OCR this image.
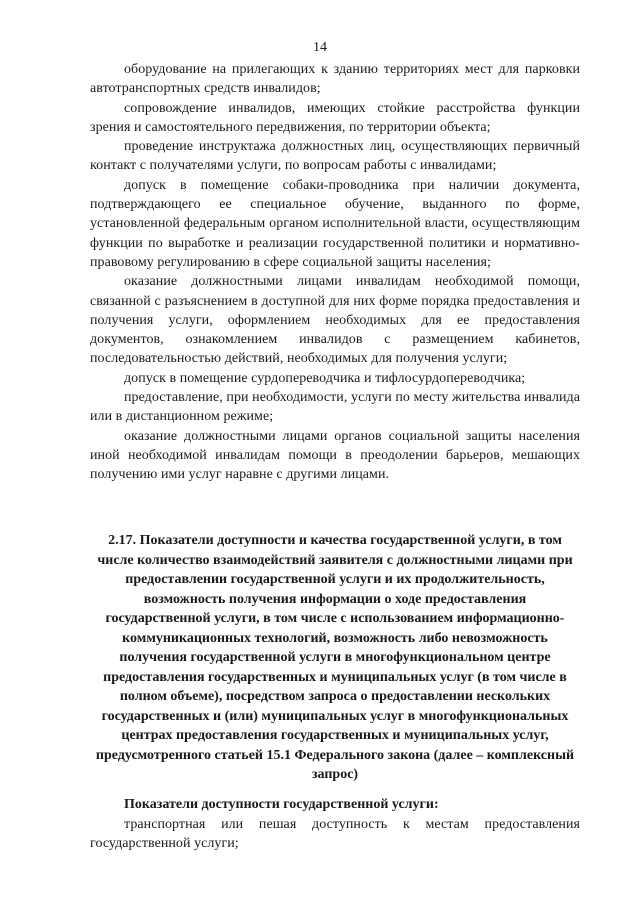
14

оборудование на прилегающих к зданию территориях мест для парковки автотранспортных средств инвалидов;

сопровождение инвалидов, имеющих стойкие расстройства функции зрения и самостоятельного передвижения, по территории объекта;

проведение инструктажа должностных лиц, осуществляющих первичный контакт с получателями услуги, по вопросам работы с инвалидами;

допуск в помещение собаки-проводника при наличии документа, подтверждающего ее специальное обучение, выданного по форме, установленной федеральным органом исполнительной власти, осуществляющим функции по выработке и реализации государственной политики и нормативно-правовому регулированию в сфере социальной защиты населения;

оказание должностными лицами инвалидам необходимой помощи, связанной с разъяснением в доступной для них форме порядка предоставления и получения услуги, оформлением необходимых для ее предоставления документов, ознакомлением инвалидов с размещением кабинетов, последовательностью действий, необходимых для получения услуги;

допуск в помещение сурдопереводчика и тифлосурдопереводчика;

предоставление, при необходимости, услуги по месту жительства инвалида или в дистанционном режиме;

оказание должностными лицами органов социальной защиты населения иной необходимой инвалидам помощи в преодолении барьеров, мешающих получению ими услуг наравне с другими лицами.

2.17. Показатели доступности и качества государственной услуги, в том числе количество взаимодействий заявителя с должностными лицами при предоставлении государственной услуги и их продолжительность, возможность получения информации о ходе предоставления государственной услуги, в том числе с использованием информационно-коммуникационных технологий, возможность либо невозможность получения государственной услуги в многофункциональном центре предоставления государственных и муниципальных услуг (в том числе в полном объеме), посредством запроса о предоставлении нескольких государственных и (или) муниципальных услуг в многофункциональных центрах предоставления государственных и муниципальных услуг, предусмотренного статьей 15.1 Федерального закона (далее – комплексный запрос)

Показатели доступности государственной услуги:

транспортная или пешая доступность к местам предоставления государственной услуги;
